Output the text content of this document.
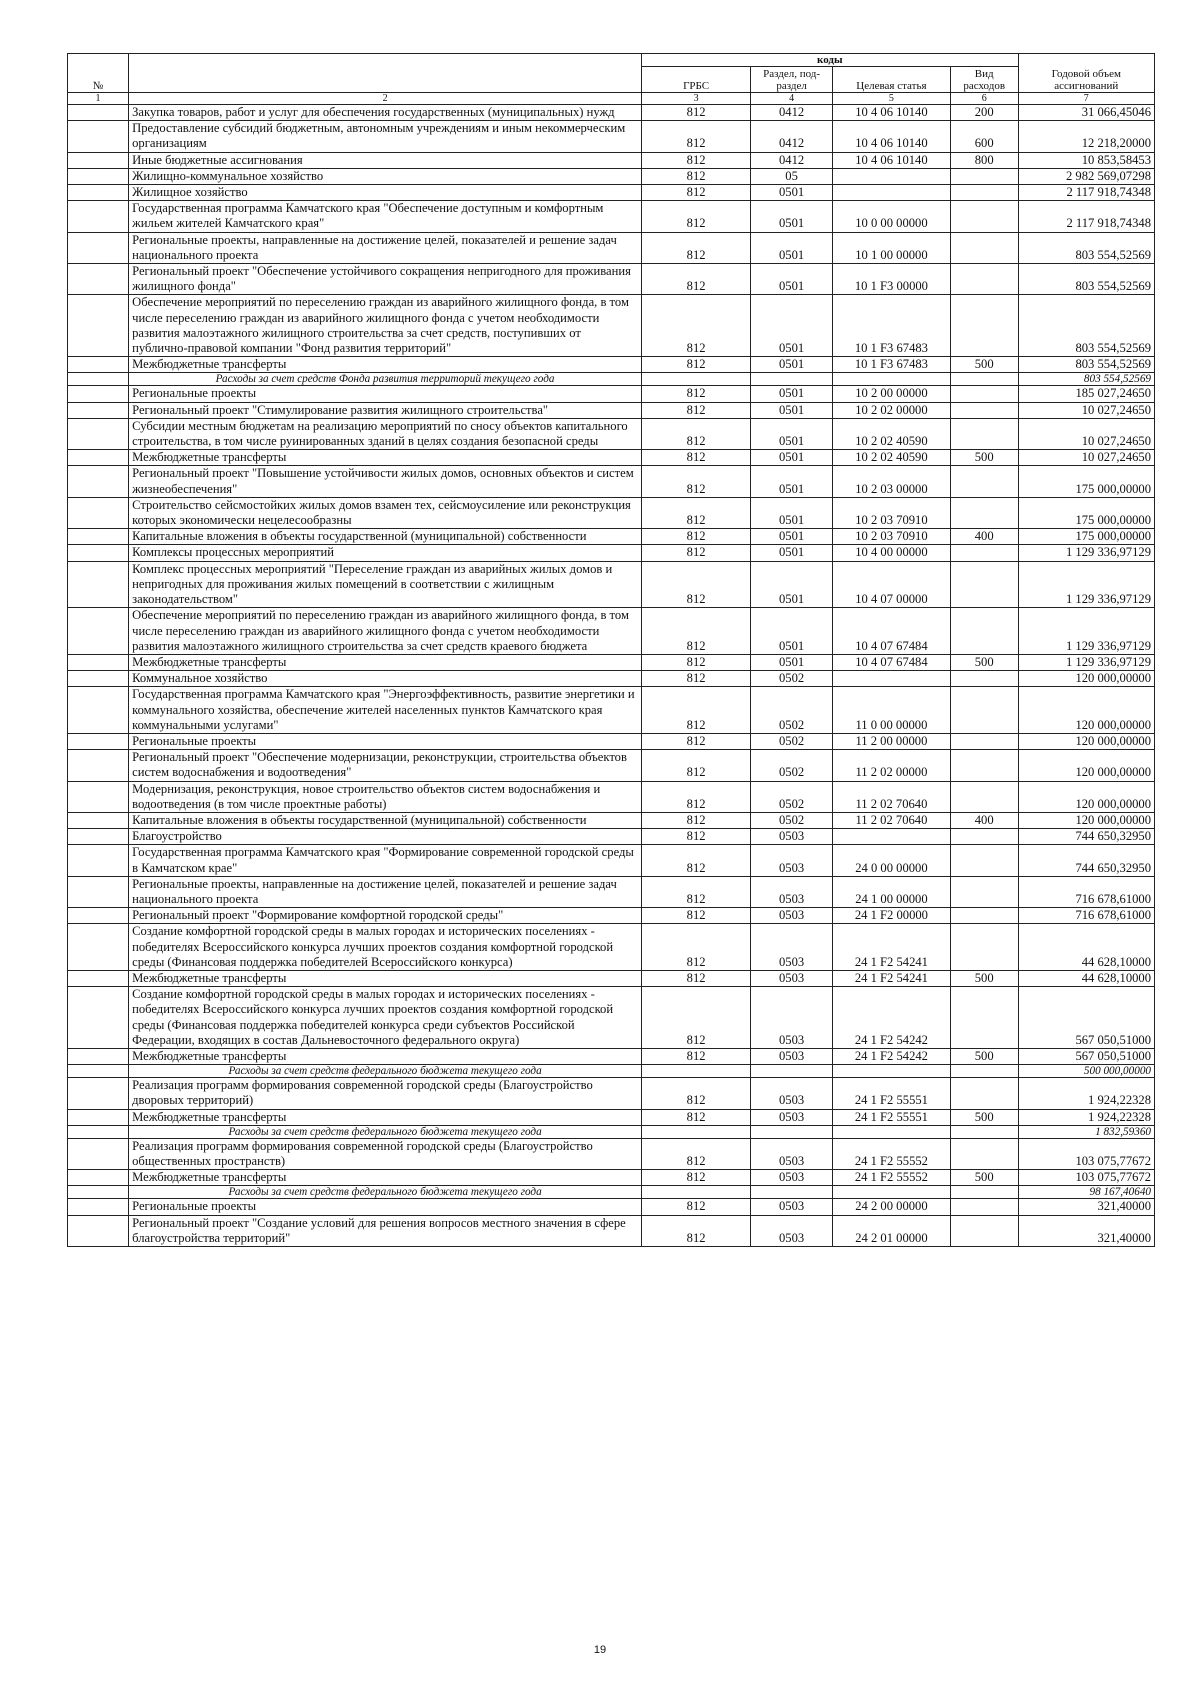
№		коды				Годовой объем ассигнований
		ГРБС	Раздел, под-раздел	Целевая статья	Вид расходов	
1	2	3	4	5	6	7
	Закупка товаров, работ и услуг для обеспечения государственных (муниципальных) нужд	812	0412	10 4 06 10140	200	31 066,45046
	Предоставление субсидий бюджетным, автономным учреждениям и иным некоммерческим организациям	812	0412	10 4 06 10140	600	12 218,20000
	Иные бюджетные ассигнования	812	0412	10 4 06 10140	800	10 853,58453
	Жилищно-коммунальное хозяйство	812	05			2 982 569,07298
	Жилищное хозяйство	812	0501			2 117 918,74348
	Государственная программа Камчатского края "Обеспечение доступным и комфортным жильем жителей Камчатского края"	812	0501	10 0 00 00000		2 117 918,74348
	Региональные проекты, направленные на достижение целей, показателей и решение задач национального проекта	812	0501	10 1 00 00000		803 554,52569
	Региональный проект "Обеспечение устойчивого сокращения непригодного для проживания жилищного фонда"	812	0501	10 1 F3 00000		803 554,52569
	Обеспечение мероприятий по переселению граждан из аварийного жилищного фонда, в том числе переселению граждан из аварийного жилищного фонда с учетом необходимости развития малоэтажного жилищного строительства за счет средств, поступивших от публично-правовой компании "Фонд развития территорий"	812	0501	10 1 F3 67483		803 554,52569
	Межбюджетные трансферты	812	0501	10 1 F3 67483	500	803 554,52569
	Расходы за счет средств Фонда развития территорий текущего года					803 554,52569
	Региональные проекты	812	0501	10 2 00 00000		185 027,24650
	Региональный проект "Стимулирование развития жилищного строительства"	812	0501	10 2 02 00000		10 027,24650
	Субсидии местным бюджетам на реализацию мероприятий по сносу объектов капитального строительства, в том числе руинированных зданий в целях создания безопасной среды	812	0501	10 2 02 40590		10 027,24650
	Межбюджетные трансферты	812	0501	10 2 02 40590	500	10 027,24650
	Региональный проект "Повышение устойчивости жилых домов, основных объектов и систем жизнеобеспечения"	812	0501	10 2 03 00000		175 000,00000
	Строительство сейсмостойких жилых домов взамен тех, сейсмоусиление или реконструкция которых экономически нецелесообразны	812	0501	10 2 03 70910		175 000,00000
	Капитальные вложения в объекты государственной (муниципальной) собственности	812	0501	10 2 03 70910	400	175 000,00000
	Комплексы процессных мероприятий	812	0501	10 4 00 00000		1 129 336,97129
	Комплекс процессных мероприятий "Переселение граждан из аварийных жилых домов и непригодных для проживания жилых помещений в соответствии с жилищным законодательством"	812	0501	10 4 07 00000		1 129 336,97129
	Обеспечение мероприятий по переселению граждан из аварийного жилищного фонда, в том числе переселению граждан из аварийного жилищного фонда с учетом необходимости развития малоэтажного жилищного строительства за счет средств краевого бюджета	812	0501	10 4 07 67484		1 129 336,97129
	Межбюджетные трансферты	812	0501	10 4 07 67484	500	1 129 336,97129
	Коммунальное хозяйство	812	0502			120 000,00000
	Государственная программа Камчатского края "Энергоэффективность, развитие энергетики и коммунального хозяйства, обеспечение жителей населенных пунктов Камчатского края коммунальными услугами"	812	0502	11 0 00 00000		120 000,00000
	Региональные проекты	812	0502	11 2 00 00000		120 000,00000
	Региональный проект "Обеспечение модернизации, реконструкции, строительства объектов систем водоснабжения и водоотведения"	812	0502	11 2 02 00000		120 000,00000
	Модернизация, реконструкция, новое строительство объектов систем водоснабжения и водоотведения (в том числе проектные работы)	812	0502	11 2 02 70640		120 000,00000
	Капитальные вложения в объекты государственной (муниципальной) собственности	812	0502	11 2 02 70640	400	120 000,00000
	Благоустройство	812	0503			744 650,32950
	Государственная программа Камчатского края "Формирование современной городской среды в Камчатском крае"	812	0503	24 0 00 00000		744 650,32950
	Региональные проекты, направленные на достижение целей, показателей и решение задач национального проекта	812	0503	24 1 00 00000		716 678,61000
	Региональный проект "Формирование комфортной городской среды"	812	0503	24 1 F2 00000		716 678,61000
	Создание комфортной городской среды в малых городах и исторических поселениях - победителях Всероссийского конкурса лучших проектов создания комфортной городской среды (Финансовая поддержка победителей Всероссийского конкурса)	812	0503	24 1 F2 54241		44 628,10000
	Межбюджетные трансферты	812	0503	24 1 F2 54241	500	44 628,10000
	Создание комфортной городской среды в малых городах и исторических поселениях - победителях Всероссийского конкурса лучших проектов создания комфортной городской среды (Финансовая поддержка победителей конкурса среди субъектов Российской Федерации, входящих в состав Дальневосточного федерального округа)	812	0503	24 1 F2 54242		567 050,51000
	Межбюджетные трансферты	812	0503	24 1 F2 54242	500	567 050,51000
	Расходы за счет средств федерального бюджета текущего года					500 000,00000
	Реализация программ формирования современной городской среды (Благоустройство дворовых территорий)	812	0503	24 1 F2 55551		1 924,22328
	Межбюджетные трансферты	812	0503	24 1 F2 55551	500	1 924,22328
	Расходы за счет средств федерального бюджета текущего года					1 832,59360
	Реализация программ формирования современной городской среды (Благоустройство общественных пространств)	812	0503	24 1 F2 55552		103 075,77672
	Межбюджетные трансферты	812	0503	24 1 F2 55552	500	103 075,77672
	Расходы за счет средств федерального бюджета текущего года					98 167,40640
	Региональные проекты	812	0503	24 2 00 00000		321,40000
	Региональный проект "Создание условий для решения вопросов местного значения в сфере благоустройства территорий"	812	0503	24 2 01 00000		321,40000
19
